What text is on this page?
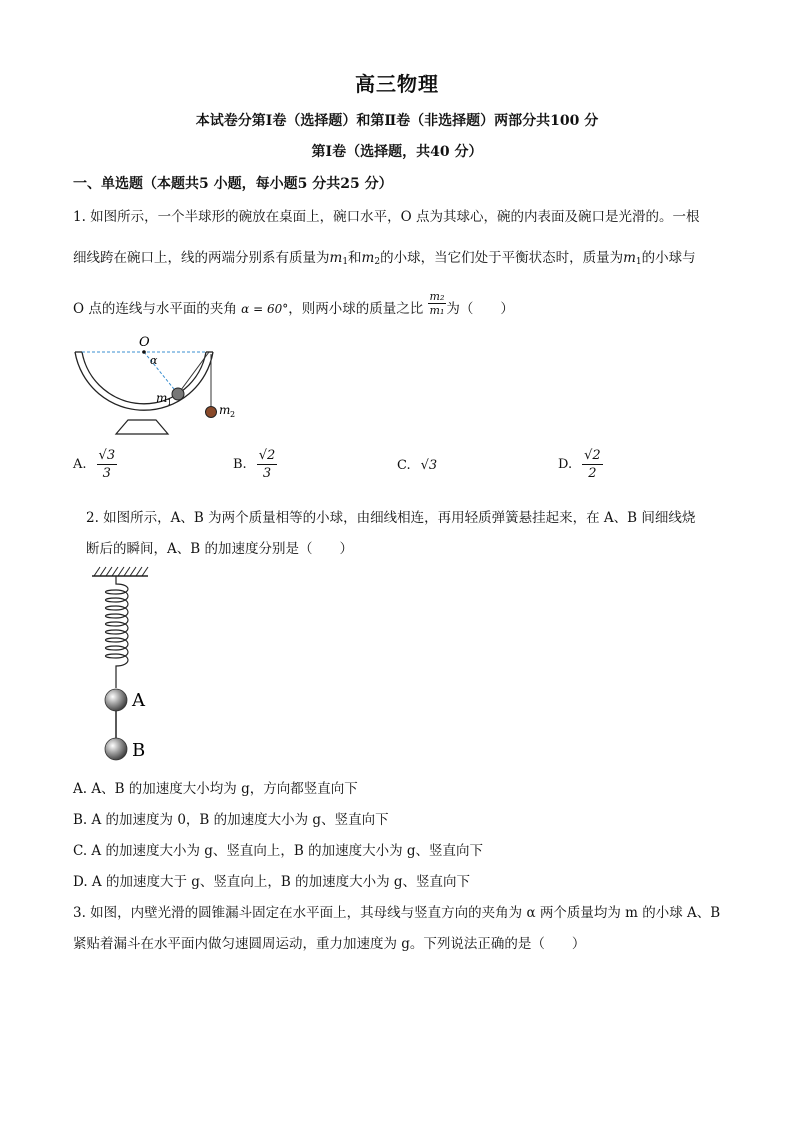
高三物理
本试卷分第Ⅰ卷（选择题）和第Ⅱ卷（非选择题）两部分共100 分
第Ⅰ卷（选择题，共40 分）
一、单选题（本题共5 小题，每小题5 分共25 分）
1. 如图所示，一个半球形的碗放在桌面上，碗口水平，O 点为其球心，碗的内表面及碗口是光滑的。一根
细线跨在碗口上，线的两端分别系有质量为$m_1$和$m_2$的小球，当它们处于平衡状态时，质量为$m_1$的小球与
O 点的连线与水平面的夹角 α = 60°，则两小球的质量之比 $\frac{\text{m₂}}{\text{m₁}}$ 为（　　）
O
α
m 1
m 2
A. $\frac{√3}{3}$	B. $\frac{√2}{3}$	C. √3	D. $\frac{√2}{2}$
2. 如图所示，A、B 为两个质量相等的小球，由细线相连，再用轻质弹簧悬挂起来，在 A、B 间细线烧
断后的瞬间，A、B 的加速度分别是（　　）
A
B
A. A、B 的加速度大小均为 g，方向都竖直向下
B. A 的加速度为 0，B 的加速度大小为 g、竖直向下
C. A 的加速度大小为 g、竖直向上，B 的加速度大小为 g、竖直向下
D. A 的加速度大于 g、竖直向上，B 的加速度大小为 g、竖直向下
3. 如图，内壁光滑的圆锥漏斗固定在水平面上，其母线与竖直方向的夹角为 α 两个质量均为 m 的小球 A、B
紧贴着漏斗在水平面内做匀速圆周运动，重力加速度为 g。下列说法正确的是（　　）
